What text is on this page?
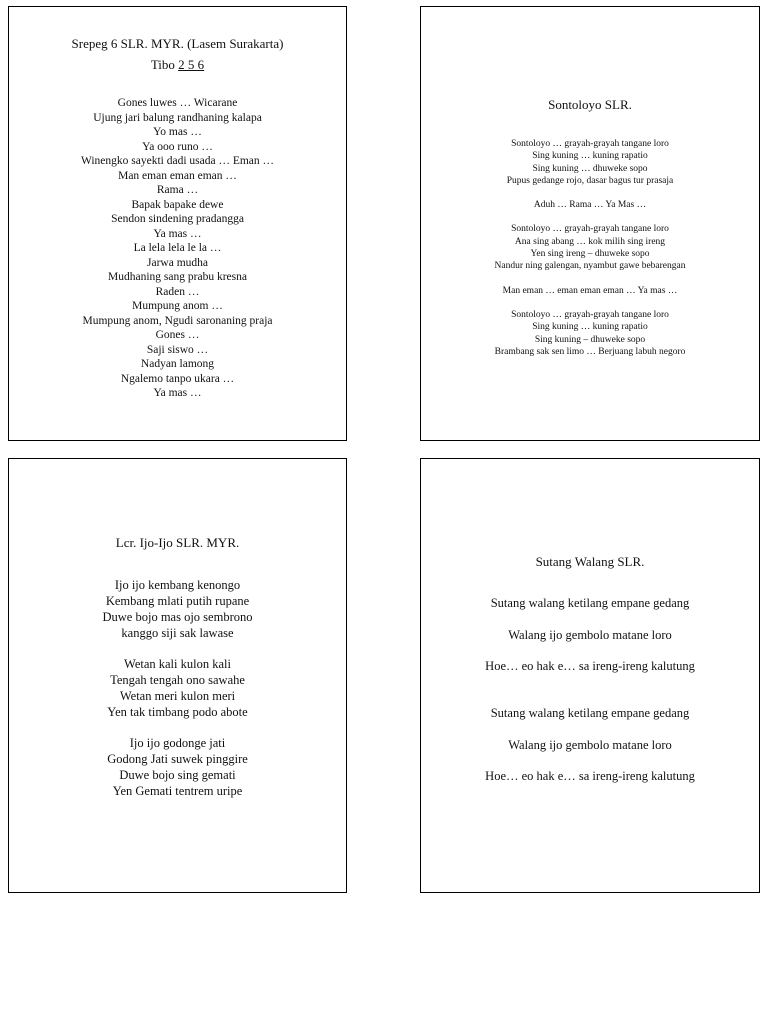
Srepeg 6 SLR. MYR. (Lasem Surakarta)

Tibo 2 5 6

Gones luwes … Wicarane
Ujung jari balung randhaning kalapa
Yo mas …
Ya ooo runo …
Winengko sayekti dadi usada … Eman …
Man eman eman eman …
Rama …
Bapak bapake dewe
Sendon sindening pradangga
Ya mas …
La lela lela le la …
Jarwa mudha
Mudhaning sang prabu kresna
Raden …
Mumpung anom …
Mumpung anom, Ngudi saronaning praja
Gones …
Saji siswo …
Nadyan lamong
Ngalemo tanpo ukara …
Ya mas …

Sontoloyo SLR.

Sontoloyo … grayah-grayah tangane loro
Sing kuning … kuning rapatio
Sing kuning … dhuweke sopo
Pupus gedange rojo, dasar bagus tur prasaja
Aduh … Rama … Ya Mas …
Sontoloyo … grayah-grayah tangane loro
Ana sing abang … kok milih sing ireng
Yen sing ireng – dhuweke sopo
Nandur ning galengan, nyambut gawe bebarengan
Man eman … eman eman eman … Ya mas …
Sontoloyo … grayah-grayah tangane loro
Sing kuning … kuning rapatio
Sing kuning – dhuweke sopo
Brambang sak sen limo … Berjuang labuh negoro

Lcr. Ijo-Ijo SLR. MYR.

Ijo ijo kembang kenongo
Kembang mlati putih rupane
Duwe bojo mas ojo sembrono
kanggo siji sak lawase
Wetan kali kulon kali
Tengah tengah ono sawahe
Wetan meri kulon meri
Yen tak timbang podo abote
Ijo ijo godonge jati
Godong Jati suwek pinggire
Duwe bojo sing gemati
Yen Gemati tentrem uripe

Sutang Walang SLR.

Sutang walang ketilang empane gedang
Walang ijo gembolo matane loro
Hoe… eo hak e… sa ireng-ireng kalutung
Sutang walang ketilang empane gedang
Walang ijo gembolo matane loro
Hoe… eo hak e… sa ireng-ireng kalutung
